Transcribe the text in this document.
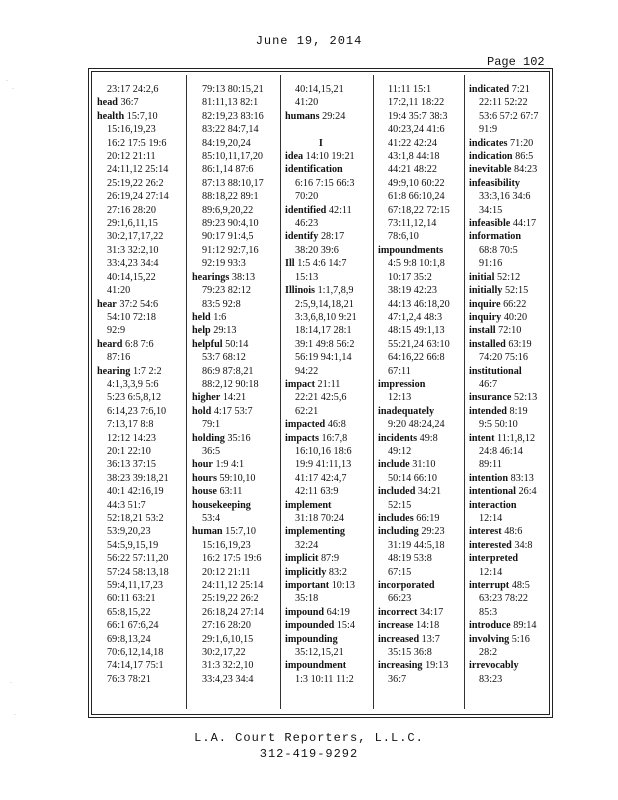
June 19, 2014
Page 102
·
·
·
·
23:17 24:2,6
head 36:7
health 15:7,10
15:16,19,23
16:2 17:5 19:6
20:12 21:11
24:11,12 25:14
25:19,22 26:2
26:19,24 27:14
27:16 28:20
29:1,6,11,15
30:2,17,17,22
31:3 32:2,10
33:4,23 34:4
40:14,15,22
41:20
hear 37:2 54:6
54:10 72:18
92:9
heard 6:8 7:6
87:16
hearing 1:7 2:2
4:1,3,3,9 5:6
5:23 6:5,8,12
6:14,23 7:6,10
7:13,17 8:8
12:12 14:23
20:1 22:10
36:13 37:15
38:23 39:18,21
40:1 42:16,19
44:3 51:7
52:18,21 53:2
53:9,20,23
54:5,9,15,19
56:22 57:11,20
57:24 58:13,18
59:4,11,17,23
60:11 63:21
65:8,15,22
66:1 67:6,24
69:8,13,24
70:6,12,14,18
74:14,17 75:1
76:3 78:21
79:13 80:15,21
81:11,13 82:1
82:19,23 83:16
83:22 84:7,14
84:19,20,24
85:10,11,17,20
86:1,14 87:6
87:13 88:10,17
88:18,22 89:1
89:6,9,20,22
89:23 90:4,10
90:17 91:4,5
91:12 92:7,16
92:19 93:3
hearings 38:13
79:23 82:12
83:5 92:8
held 1:6
help 29:13
helpful 50:14
53:7 68:12
86:9 87:8,21
88:2,12 90:18
higher 14:21
hold 4:17 53:7
79:1
holding 35:16
36:5
hour 1:9 4:1
hours 59:10,10
house 63:11
housekeeping
53:4
human 15:7,10
15:16,19,23
16:2 17:5 19:6
20:12 21:11
24:11,12 25:14
25:19,22 26:2
26:18,24 27:14
27:16 28:20
29:1,6,10,15
30:2,17,22
31:3 32:2,10
33:4,23 34:4
40:14,15,21
41:20
humans 29:24

I
idea 14:10 19:21
identification
6:16 7:15 66:3
70:20
identified 42:11
46:23
identify 28:17
38:20 39:6
Ill 1:5 4:6 14:7
15:13
Illinois 1:1,7,8,9
2:5,9,14,18,21
3:3,6,8,10 9:21
18:14,17 28:1
39:1 49:8 56:2
56:19 94:1,14
94:22
impact 21:11
22:21 42:5,6
62:21
impacted 46:8
impacts 16:7,8
16:10,16 18:6
19:9 41:11,13
41:17 42:4,7
42:11 63:9
implement
31:18 70:24
implementing
32:24
implicit 87:9
implicitly 83:2
important 10:13
35:18
impound 64:19
impounded 15:4
impounding
35:12,15,21
impoundment
1:3 10:11 11:2
11:11 15:1
17:2,11 18:22
19:4 35:7 38:3
40:23,24 41:6
41:22 42:24
43:1,8 44:18
44:21 48:22
49:9,10 60:22
61:8 66:10,24
67:18,22 72:15
73:11,12,14
78:6,10
impoundments
4:5 9:8 10:1,8
10:17 35:2
38:19 42:23
44:13 46:18,20
47:1,2,4 48:3
48:15 49:1,13
55:21,24 63:10
64:16,22 66:8
67:11
impression
12:13
inadequately
9:20 48:24,24
incidents 49:8
49:12
include 31:10
50:14 66:10
included 34:21
52:15
includes 66:19
including 29:23
31:19 44:5,18
48:19 53:8
67:15
incorporated
66:23
incorrect 34:17
increase 14:18
increased 13:7
35:15 36:8
increasing 19:13
36:7
indicated 7:21
22:11 52:22
53:6 57:2 67:7
91:9
indicates 71:20
indication 86:5
inevitable 84:23
infeasibility
33:3,16 34:6
34:15
infeasible 44:17
information
68:8 70:5
91:16
initial 52:12
initially 52:15
inquire 66:22
inquiry 40:20
install 72:10
installed 63:19
74:20 75:16
institutional
46:7
insurance 52:13
intended 8:19
9:5 50:10
intent 11:1,8,12
24:8 46:14
89:11
intention 83:13
intentional 26:4
interaction
12:14
interest 48:6
interested 34:8
interpreted
12:14
interrupt 48:5
63:23 78:22
85:3
introduce 89:14
involving 5:16
28:2
irrevocably
83:23
L.A. Court Reporters, L.L.C.
312-419-9292
